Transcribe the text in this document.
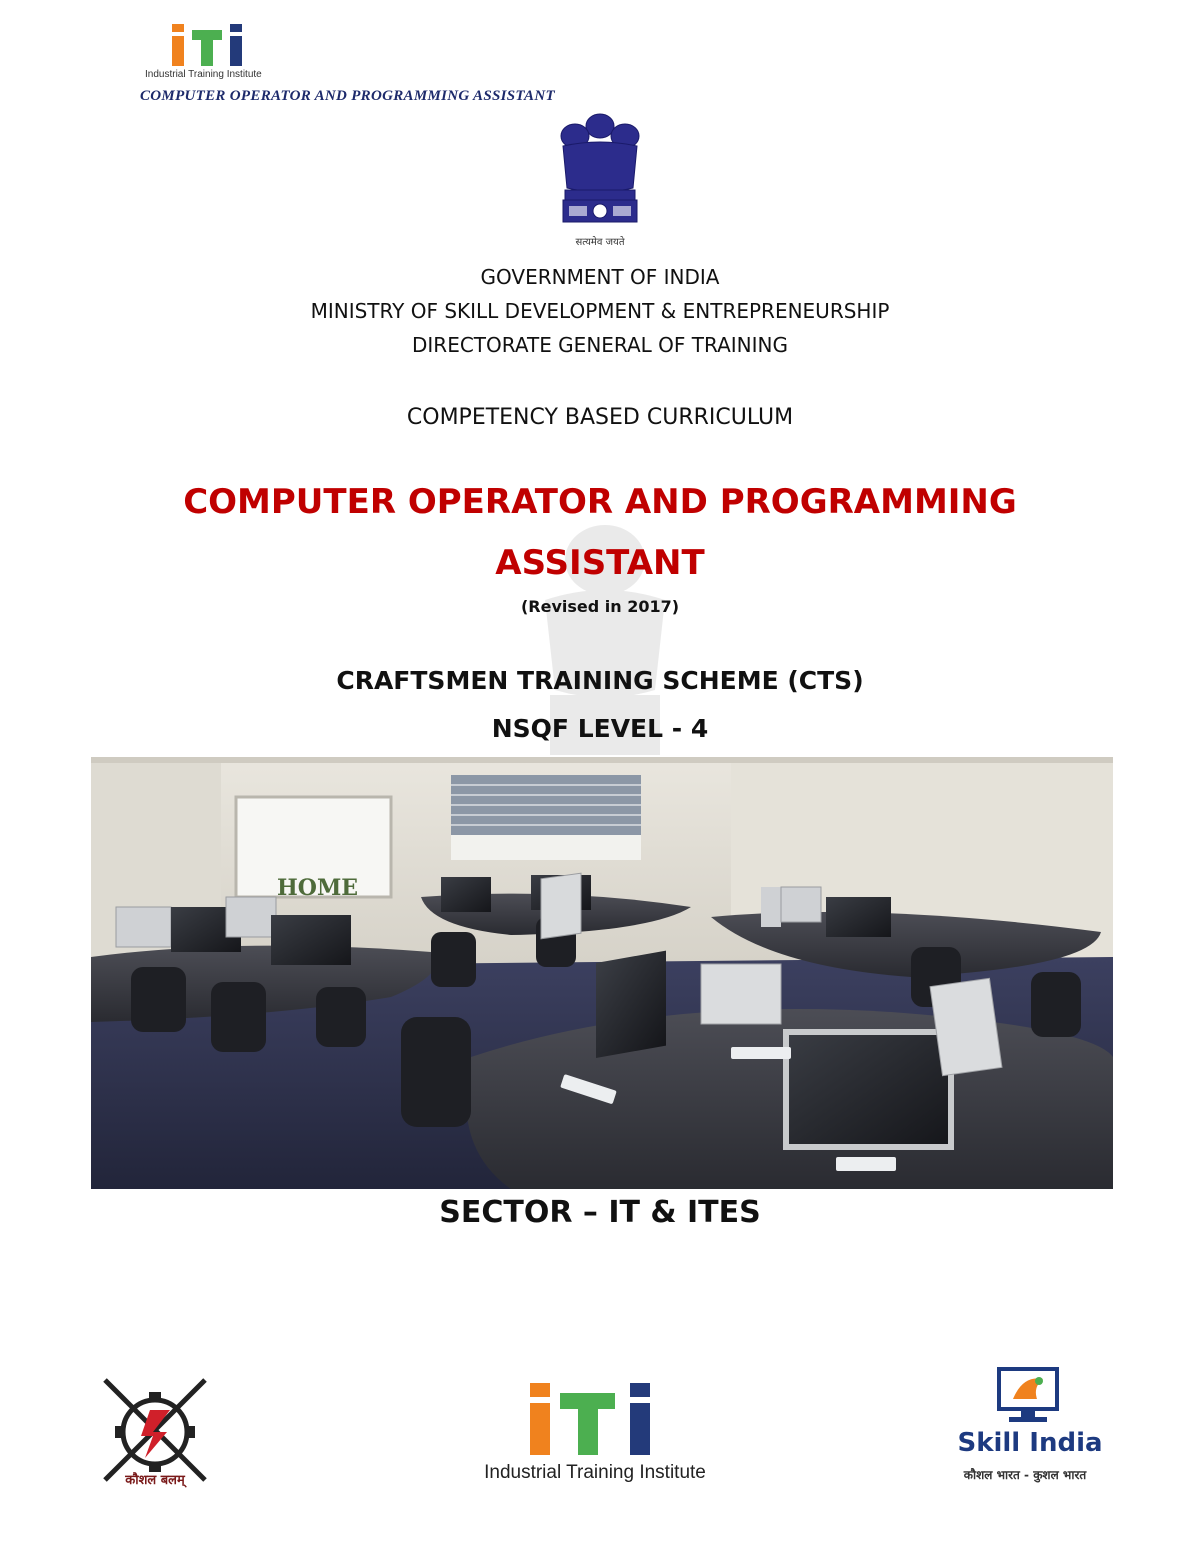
Industrial Training Institute
COMPUTER OPERATOR AND PROGRAMMING ASSISTANT
सत्यमेव जयते
GOVERNMENT OF INDIA
MINISTRY OF SKILL DEVELOPMENT & ENTREPRENEURSHIP
DIRECTORATE GENERAL OF TRAINING
COMPETENCY BASED CURRICULUM
COMPUTER OPERATOR AND PROGRAMMING
ASSISTANT
(Revised in 2017)
CRAFTSMEN TRAINING SCHEME (CTS)
NSQF LEVEL - 4
HOME
SECTOR – IT & ITES
कौशल बलम्	Industrial Training Institute
Skill India
कौशल भारत - कुशल भारत
